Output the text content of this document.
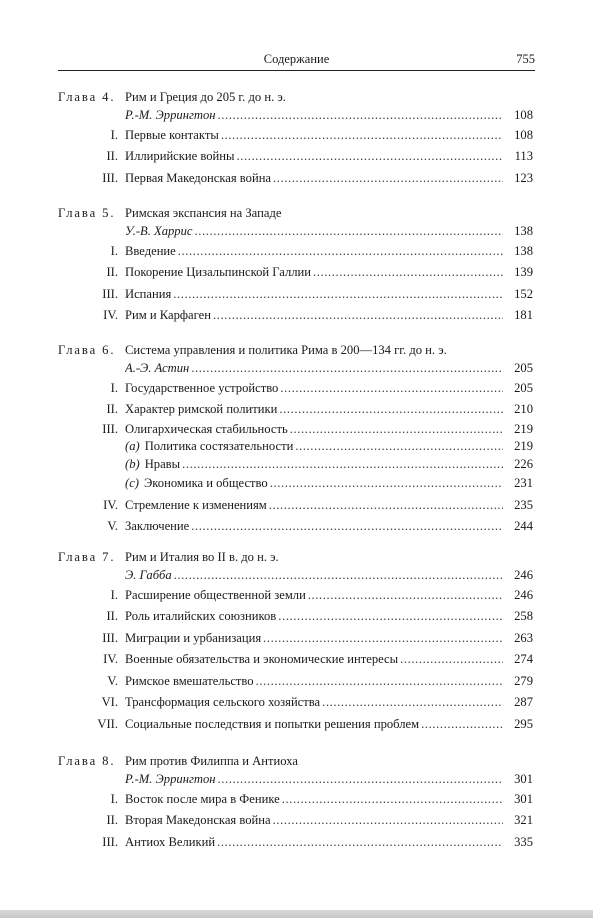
Содержание	755
Глава 4. Рим и Греция до 205 г. до н. э.
Р.-М. Эррингтон .....	108
I. Первые контакты .....	108
II. Иллирийские войны .....	113
III. Первая Македонская война .....	123
Глава 5. Римская экспансия на Западе
У.-В. Харрис .....	138
I. Введение .....	138
II. Покорение Цизальпинской Галлии .....	139
III. Испания .....	152
IV. Рим и Карфаген .....	181
Глава 6. Система управления и политика Рима в 200—134 гг. до н. э.
А.-Э. Астин .....	205
I. Государственное устройство .....	205
II. Характер римской политики .....	210
III. Олигархическая стабильность .....	219
(a) Политика состязательности .....	219
(b) Нравы .....	226
(c) Экономика и общество .....	231
IV. Стремление к изменениям .....	235
V. Заключение .....	244
Глава 7. Рим и Италия во II в. до н. э.
Э. Габба .....	246
I. Расширение общественной земли .....	246
II. Роль италийских союзников .....	258
III. Миграции и урбанизация .....	263
IV. Военные обязательства и экономические интересы .....	274
V. Римское вмешательство .....	279
VI. Трансформация сельского хозяйства .....	287
VII. Социальные последствия и попытки решения проблем .....	295
Глава 8. Рим против Филиппа и Антиоха
Р.-М. Эррингтон .....	301
I. Восток после мира в Фенике .....	301
II. Вторая Македонская война .....	321
III. Антиох Великий .....	335
